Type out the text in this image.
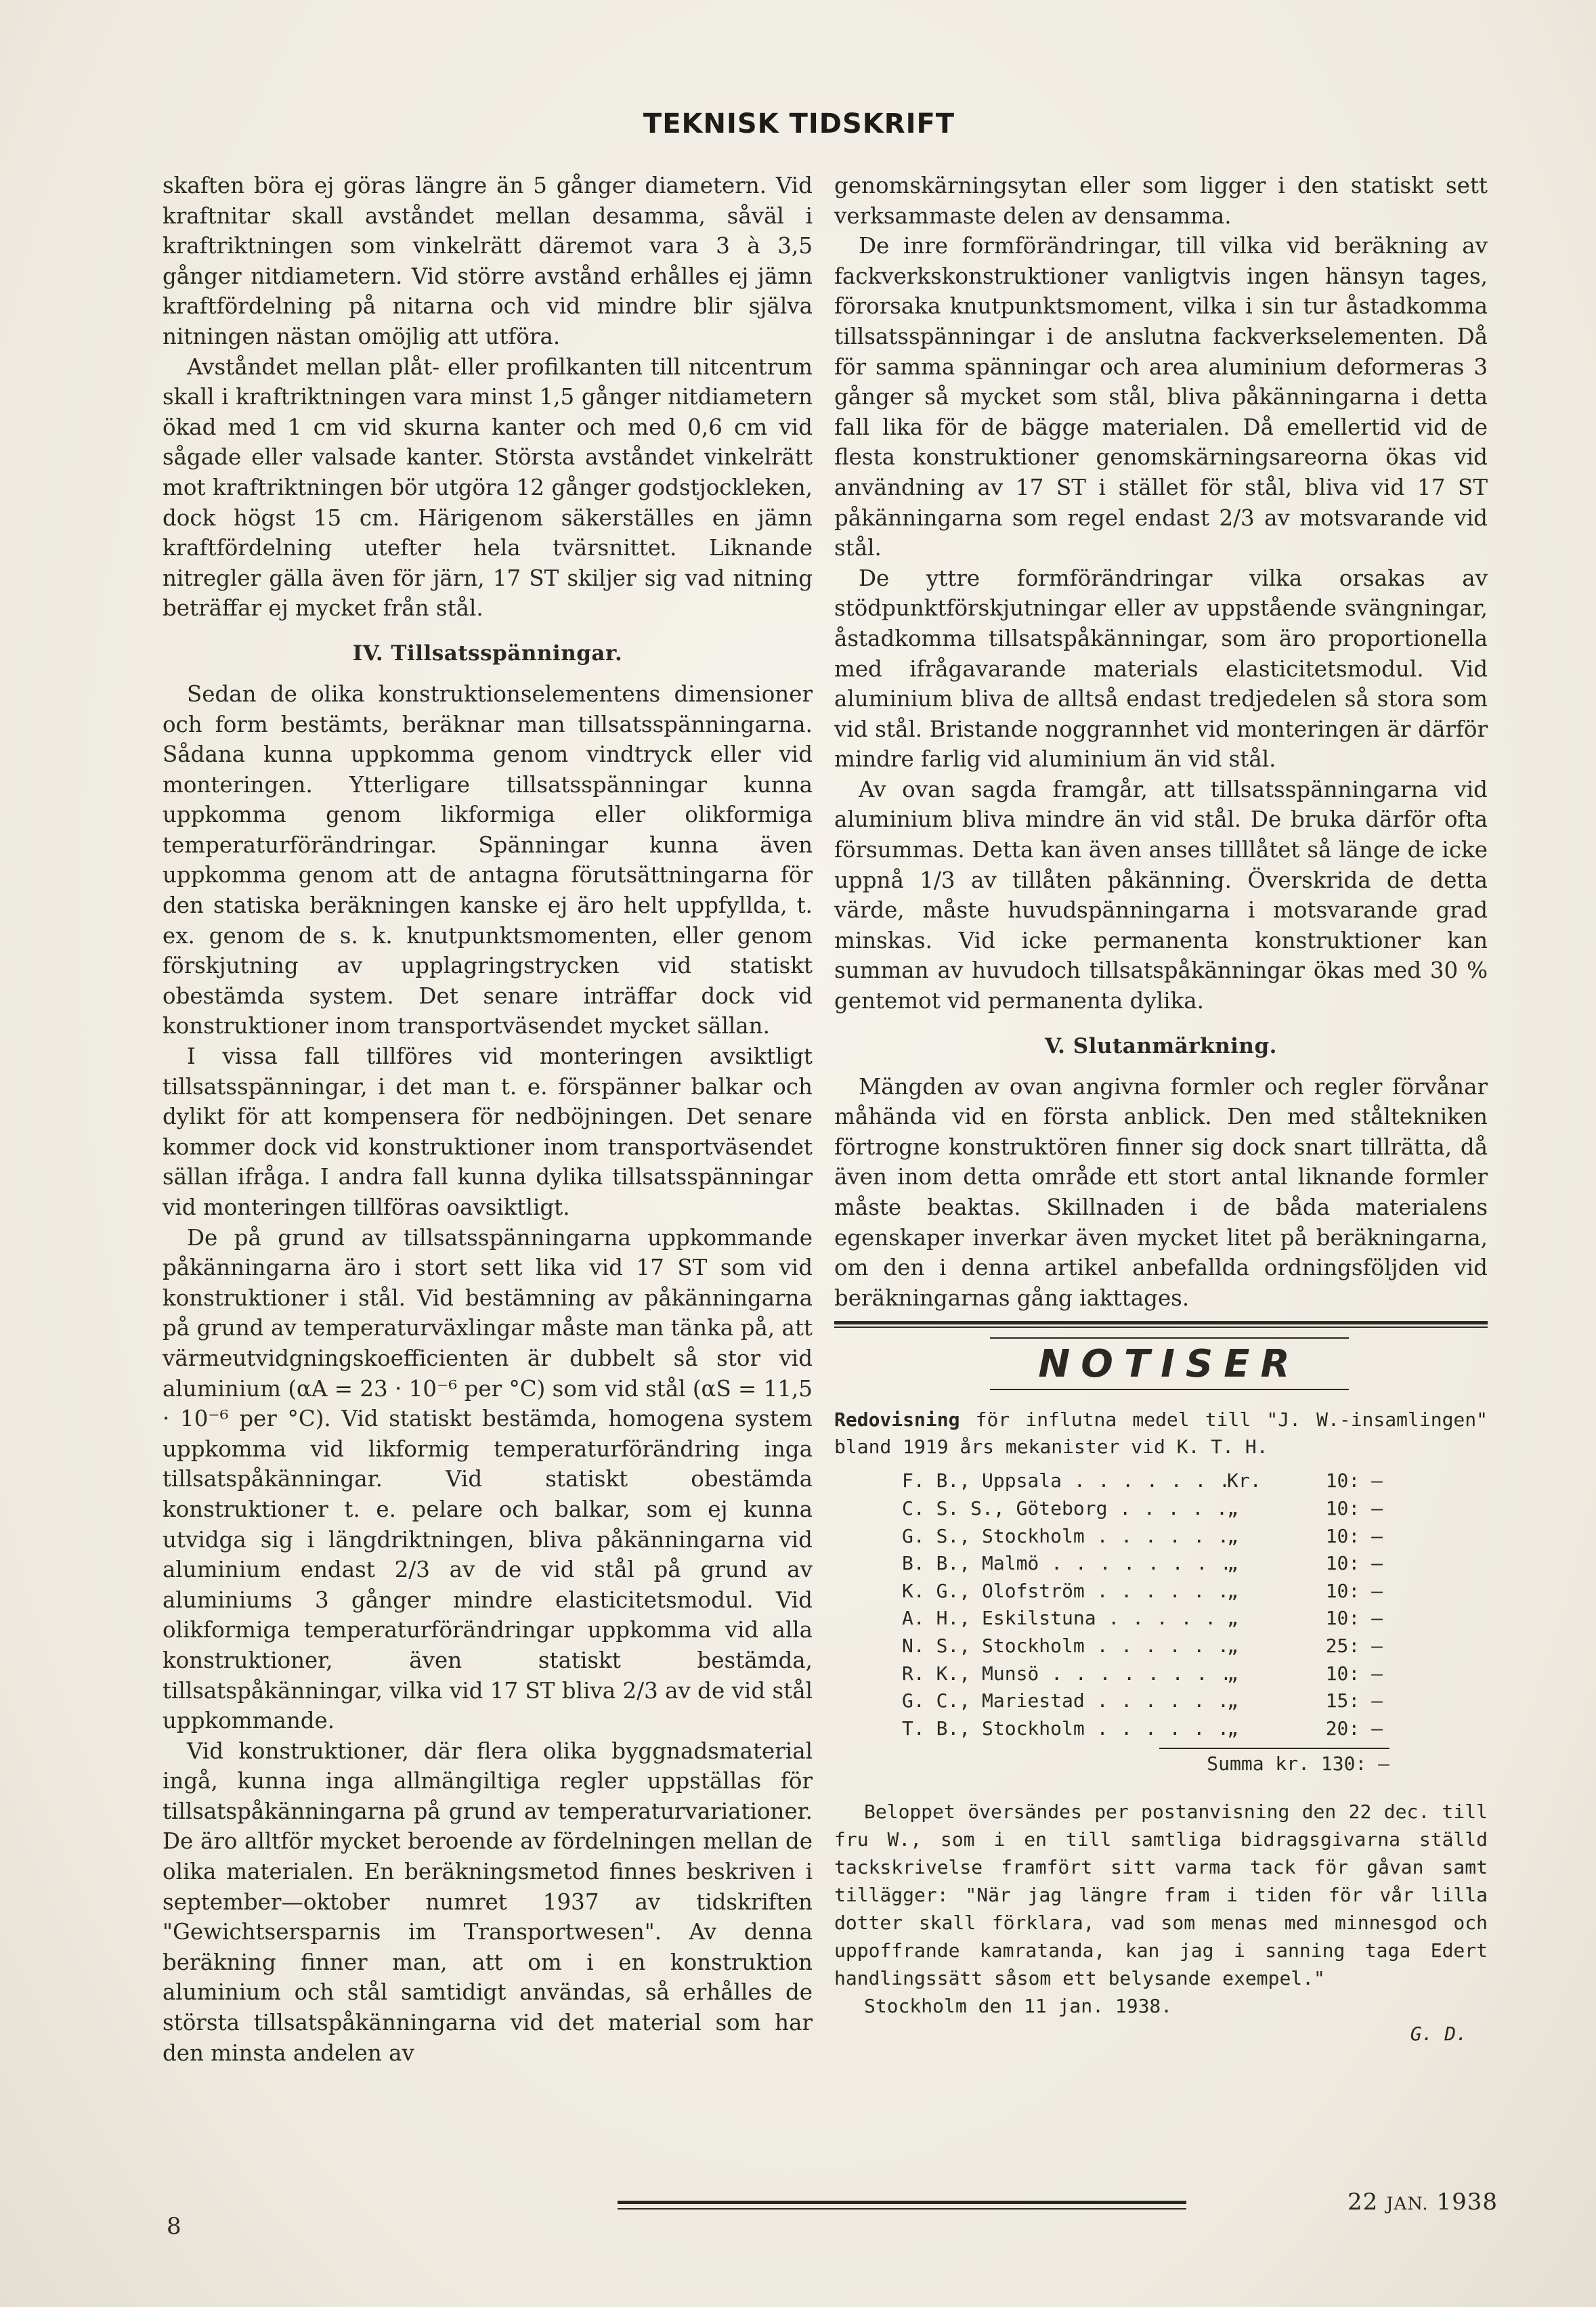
TEKNISK TIDSKRIFT

skaften böra ej göras längre än 5 gånger diametern. Vid kraftnitar skall avståndet mellan desamma, såväl i kraftriktningen som vinkelrätt däremot vara 3 à 3,5 gånger nitdiametern. Vid större avstånd erhålles ej jämn kraftfördelning på nitarna och vid mindre blir själva nitningen nästan omöjlig att utföra.

Avståndet mellan plåt- eller profilkanten till nitcentrum skall i kraftriktningen vara minst 1,5 gånger nitdiametern ökad med 1 cm vid skurna kanter och med 0,6 cm vid sågade eller valsade kanter. Största avståndet vinkelrätt mot kraftriktningen bör utgöra 12 gånger godstjockleken, dock högst 15 cm. Härigenom säkerställes en jämn kraftfördelning utefter hela tvärsnittet. Liknande nitregler gälla även för järn, 17 ST skiljer sig vad nitning beträffar ej mycket från stål.

IV. Tillsatsspänningar.

Sedan de olika konstruktionselementens dimensioner och form bestämts, beräknar man tillsatsspänningarna. Sådana kunna uppkomma genom vindtryck eller vid monteringen. Ytterligare tillsatsspänningar kunna uppkomma genom likformiga eller olikformiga temperaturförändringar. Spänningar kunna även uppkomma genom att de antagna förutsättningarna för den statiska beräkningen kanske ej äro helt uppfyllda, t. ex. genom de s. k. knutpunktsmomenten, eller genom förskjutning av upplagringstrycken vid statiskt obestämda system. Det senare inträffar dock vid konstruktioner inom transportväsendet mycket sällan.

I vissa fall tillföres vid monteringen avsiktligt tillsatsspänningar, i det man t. e. förspänner balkar och dylikt för att kompensera för nedböjningen. Det senare kommer dock vid konstruktioner inom transportväsendet sällan ifråga. I andra fall kunna dylika tillsatsspänningar vid monteringen tillföras oavsiktligt.

De på grund av tillsatsspänningarna uppkommande påkänningarna äro i stort sett lika vid 17 ST som vid konstruktioner i stål. Vid bestämning av påkänningarna på grund av temperaturväxlingar måste man tänka på, att värmeutvidgningskoefficienten är dubbelt så stor vid aluminium (αA = 23 · 10⁻⁶ per °C) som vid stål (αS = 11,5 · 10⁻⁶ per °C). Vid statiskt bestämda, homogena system uppkomma vid likformig temperaturförändring inga tillsatspåkänningar. Vid statiskt obestämda konstruktioner t. e. pelare och balkar, som ej kunna utvidga sig i längdriktningen, bliva påkänningarna vid aluminium endast 2/3 av de vid stål på grund av aluminiums 3 gånger mindre elasticitetsmodul. Vid olikformiga temperaturförändringar uppkomma vid alla konstruktioner, även statiskt bestämda, tillsatspåkänningar, vilka vid 17 ST bliva 2/3 av de vid stål uppkommande.

Vid konstruktioner, där flera olika byggnadsmaterial ingå, kunna inga allmängiltiga regler uppställas för tillsatspåkänningarna på grund av temperaturvariationer. De äro alltför mycket beroende av fördelningen mellan de olika materialen. En beräkningsmetod finnes beskriven i september—oktober numret 1937 av tidskriften "Gewichtsersparnis im Transportwesen". Av denna beräkning finner man, att om i en konstruktion aluminium och stål samtidigt användas, så erhålles de största tillsatspåkänningarna vid det material som har den minsta andelen av

genomskärningsytan eller som ligger i den statiskt sett verksammaste delen av densamma.

De inre formförändringar, till vilka vid beräkning av fackverkskonstruktioner vanligtvis ingen hänsyn tages, förorsaka knutpunktsmoment, vilka i sin tur åstadkomma tillsatsspänningar i de anslutna fackverkselementen. Då för samma spänningar och area aluminium deformeras 3 gånger så mycket som stål, bliva påkänningarna i detta fall lika för de bägge materialen. Då emellertid vid de flesta konstruktioner genomskärningsareorna ökas vid användning av 17 ST i stället för stål, bliva vid 17 ST påkänningarna som regel endast 2/3 av motsvarande vid stål.

De yttre formförändringar vilka orsakas av stödpunktförskjutningar eller av uppstående svängningar, åstadkomma tillsatspåkänningar, som äro proportionella med ifrågavarande materials elasticitetsmodul. Vid aluminium bliva de alltså endast tredjedelen så stora som vid stål. Bristande noggrannhet vid monteringen är därför mindre farlig vid aluminium än vid stål.

Av ovan sagda framgår, att tillsatsspänningarna vid aluminium bliva mindre än vid stål. De bruka därför ofta försummas. Detta kan även anses tilllåtet så länge de icke uppnå 1/3 av tillåten påkänning. Överskrida de detta värde, måste huvudspänningarna i motsvarande grad minskas. Vid icke permanenta konstruktioner kan summan av huvudoch tillsatspåkänningar ökas med 30 % gentemot vid permanenta dylika.

V. Slutanmärkning.

Mängden av ovan angivna formler och regler förvånar måhända vid en första anblick. Den med ståltekniken förtrogne konstruktören finner sig dock snart tillrätta, då även inom detta område ett stort antal liknande formler måste beaktas. Skillnaden i de båda materialens egenskaper inverkar även mycket litet på beräkningarna, om den i denna artikel anbefallda ordningsföljden vid beräkningarnas gång iakttages.

NOTISER

Redovisning för influtna medel till "J. W.-insamlingen" bland 1919 års mekanister vid K. T. H.

F. B., Uppsala . . .	Kr.	10: —
C. S. S., Göteborg . . .	„	10: —
G. S., Stockholm . . .	„	10: —
B. B., Malmö . . .	„	10: —
K. G., Olofström . . .	„	10: —
A. H., Eskilstuna . . .	„	10: —
N. S., Stockholm . . .	„	25: —
R. K., Munsö . . .	„	10: —
G. C., Mariestad . . .	„	15: —
T. B., Stockholm . . .	„	20: —
Summa kr. 130: —

Beloppet översändes per postanvisning den 22 dec. till fru W., som i en till samtliga bidragsgivarna ställd tackskrivelse framfört sitt varma tack för gåvan samt tillägger: "När jag längre fram i tiden för vår lilla dotter skall förklara, vad som menas med minnesgod och uppoffrande kamratanda, kan jag i sanning taga Edert handlingssätt såsom ett belysande exempel."

Stockholm den 11 jan. 1938.
G. D.
8
22 JAN. 1938
